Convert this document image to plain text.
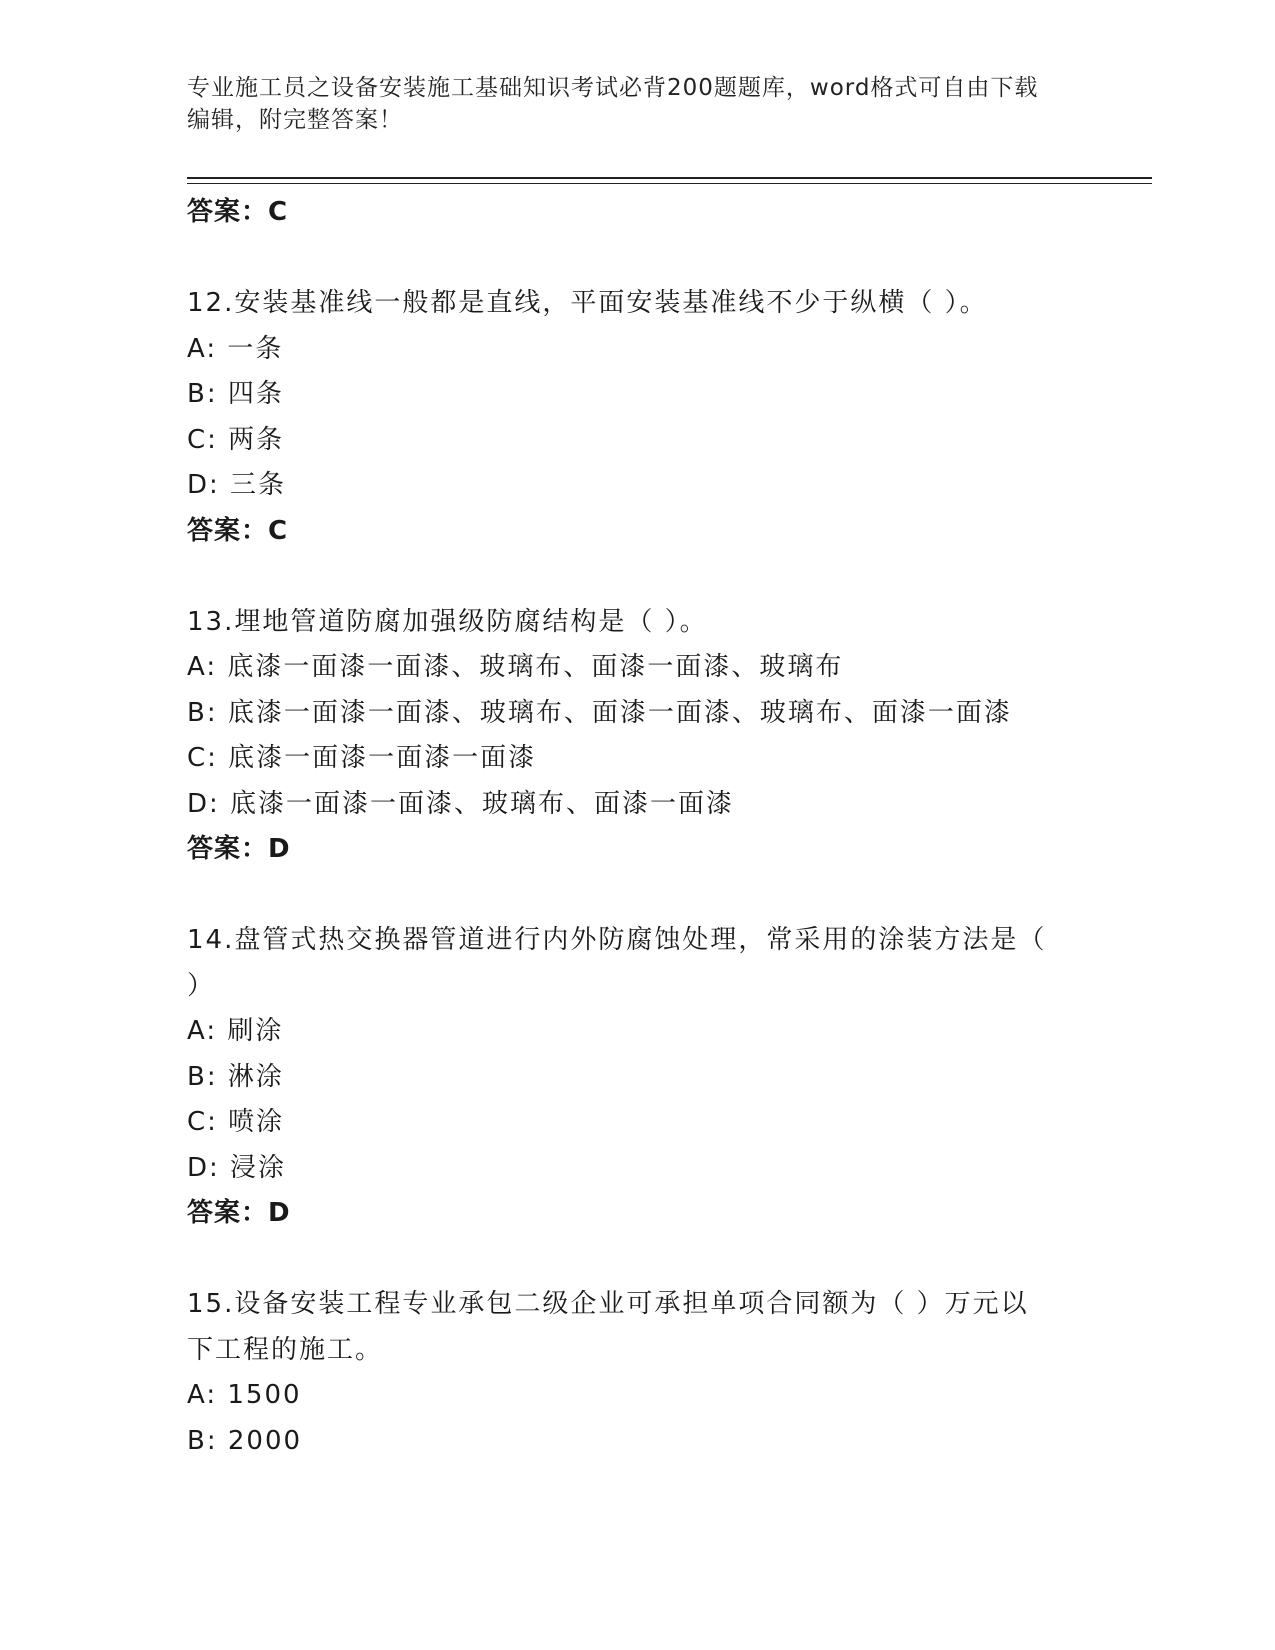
专业施工员之设备安装施工基础知识考试必背200题题库，word格式可自由下载
编辑，附完整答案！
答案：C
12.安装基准线一般都是直线，平面安装基准线不少于纵横（ ）。
A: 一条
B: 四条
C: 两条
D: 三条
答案：C
13.埋地管道防腐加强级防腐结构是（ ）。
A: 底漆一面漆一面漆、玻璃布、面漆一面漆、玻璃布
B: 底漆一面漆一面漆、玻璃布、面漆一面漆、玻璃布、面漆一面漆
C: 底漆一面漆一面漆一面漆
D: 底漆一面漆一面漆、玻璃布、面漆一面漆
答案：D
14.盘管式热交换器管道进行内外防腐蚀处理，常采用的涂装方法是（
）
A: 刷涂
B: 淋涂
C: 喷涂
D: 浸涂
答案：D
15.设备安装工程专业承包二级企业可承担单项合同额为（ ）万元以
下工程的施工。
A: 1500
B: 2000
